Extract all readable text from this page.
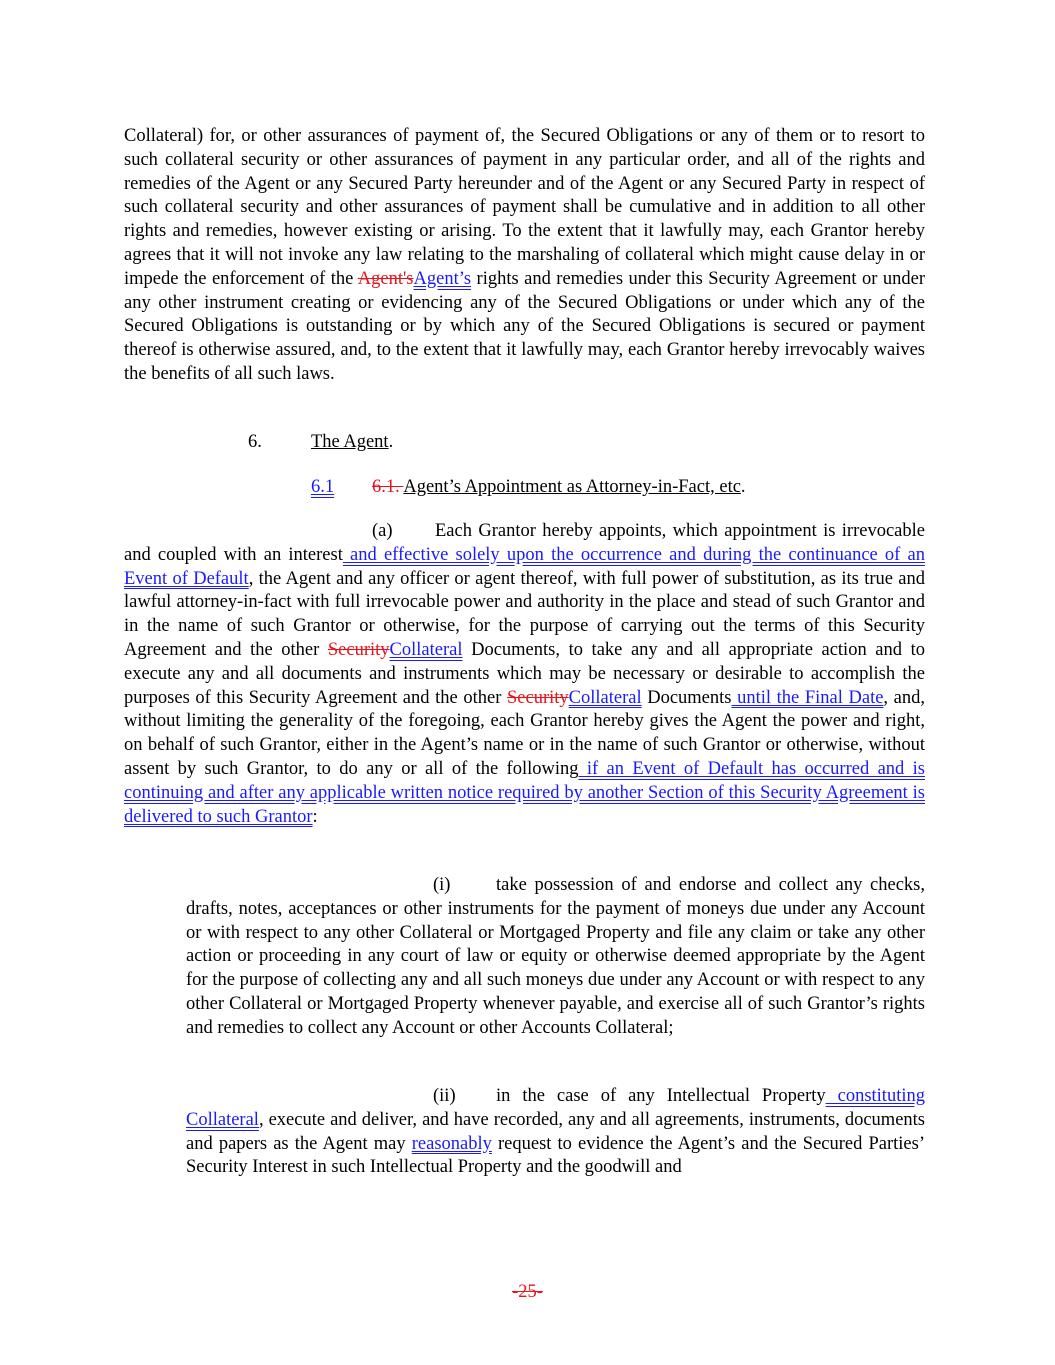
Collateral) for, or other assurances of payment of, the Secured Obligations or any of them or to resort to such collateral security or other assurances of payment in any particular order, and all of the rights and remedies of the Agent or any Secured Party hereunder and of the Agent or any Secured Party in respect of such collateral security and other assurances of payment shall be cumulative and in addition to all other rights and remedies, however existing or arising. To the extent that it lawfully may, each Grantor hereby agrees that it will not invoke any law relating to the marshaling of collateral which might cause delay in or impede the enforcement of the Agent'sAgent’s rights and remedies under this Security Agreement or under any other instrument creating or evidencing any of the Secured Obligations or under which any of the Secured Obligations is outstanding or by which any of the Secured Obligations is secured or payment thereof is otherwise assured, and, to the extent that it lawfully may, each Grantor hereby irrevocably waives the benefits of all such laws.
6.	The Agent.
6.1 6.1. Agent’s Appointment as Attorney-in-Fact, etc.
(a) Each Grantor hereby appoints, which appointment is irrevocable and coupled with an interest and effective solely upon the occurrence and during the continuance of an Event of Default, the Agent and any officer or agent thereof, with full power of substitution, as its true and lawful attorney-in-fact with full irrevocable power and authority in the place and stead of such Grantor and in the name of such Grantor or otherwise, for the purpose of carrying out the terms of this Security Agreement and the other SecurityCollateral Documents, to take any and all appropriate action and to execute any and all documents and instruments which may be necessary or desirable to accomplish the purposes of this Security Agreement and the other SecurityCollateral Documents until the Final Date, and, without limiting the generality of the foregoing, each Grantor hereby gives the Agent the power and right, on behalf of such Grantor, either in the Agent’s name or in the name of such Grantor or otherwise, without assent by such Grantor, to do any or all of the following if an Event of Default has occurred and is continuing and after any applicable written notice required by another Section of this Security Agreement is delivered to such Grantor:
(i) take possession of and endorse and collect any checks, drafts, notes, acceptances or other instruments for the payment of moneys due under any Account or with respect to any other Collateral or Mortgaged Property and file any claim or take any other action or proceeding in any court of law or equity or otherwise deemed appropriate by the Agent for the purpose of collecting any and all such moneys due under any Account or with respect to any other Collateral or Mortgaged Property whenever payable, and exercise all of such Grantor’s rights and remedies to collect any Account or other Accounts Collateral;
(ii) in the case of any Intellectual Property constituting Collateral, execute and deliver, and have recorded, any and all agreements, instruments, documents and papers as the Agent may reasonably request to evidence the Agent’s and the Secured Parties’ Security Interest in such Intellectual Property and the goodwill and
-25-
